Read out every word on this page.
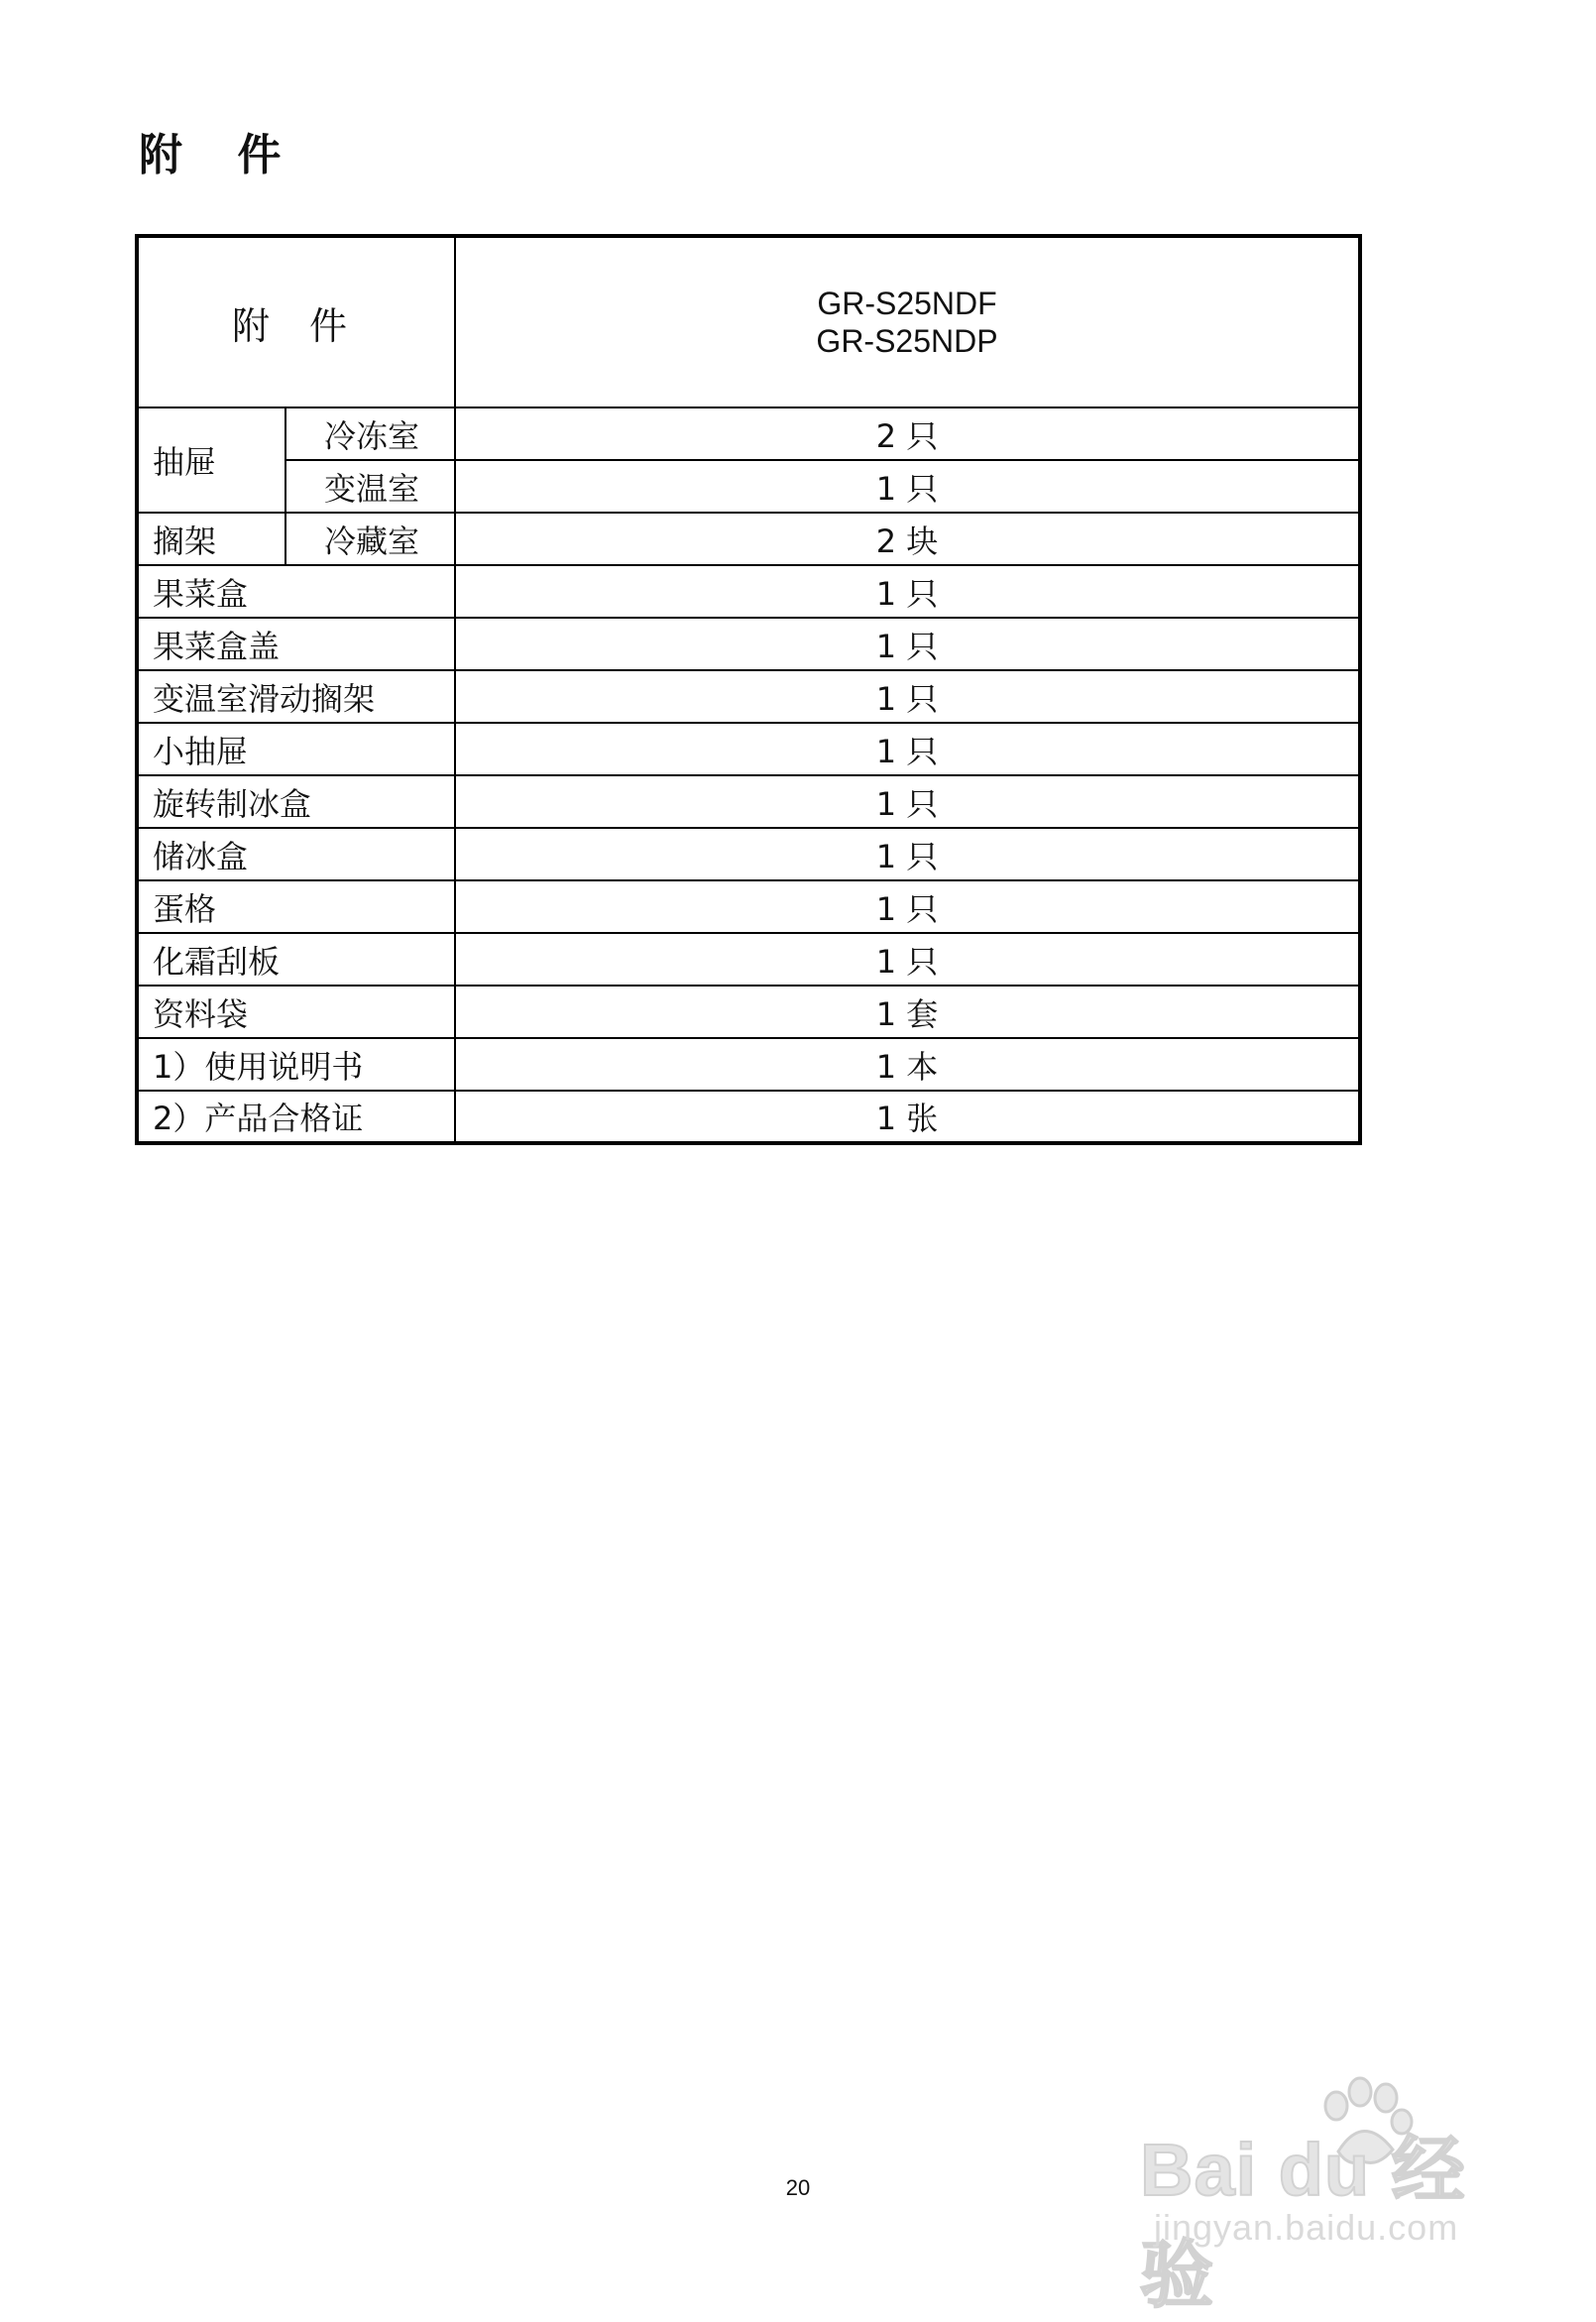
附 件
附 件		GR-S25NDF
GR-S25NDP

抽屉	冷冻室	2 只
	变温室	1 只
搁架	冷藏室	2 块
果菜盒		1 只
果菜盒盖		1 只
变温室滑动搁架		1 只
小抽屉		1 只
旋转制冰盒		1 只
储冰盒		1 只
蛋格		1 只
化霜刮板		1 只
资料袋		1 套
1）使用说明书		1 本
2）产品合格证		1 张
Bai du 经验
jingyan.baidu.com
20
